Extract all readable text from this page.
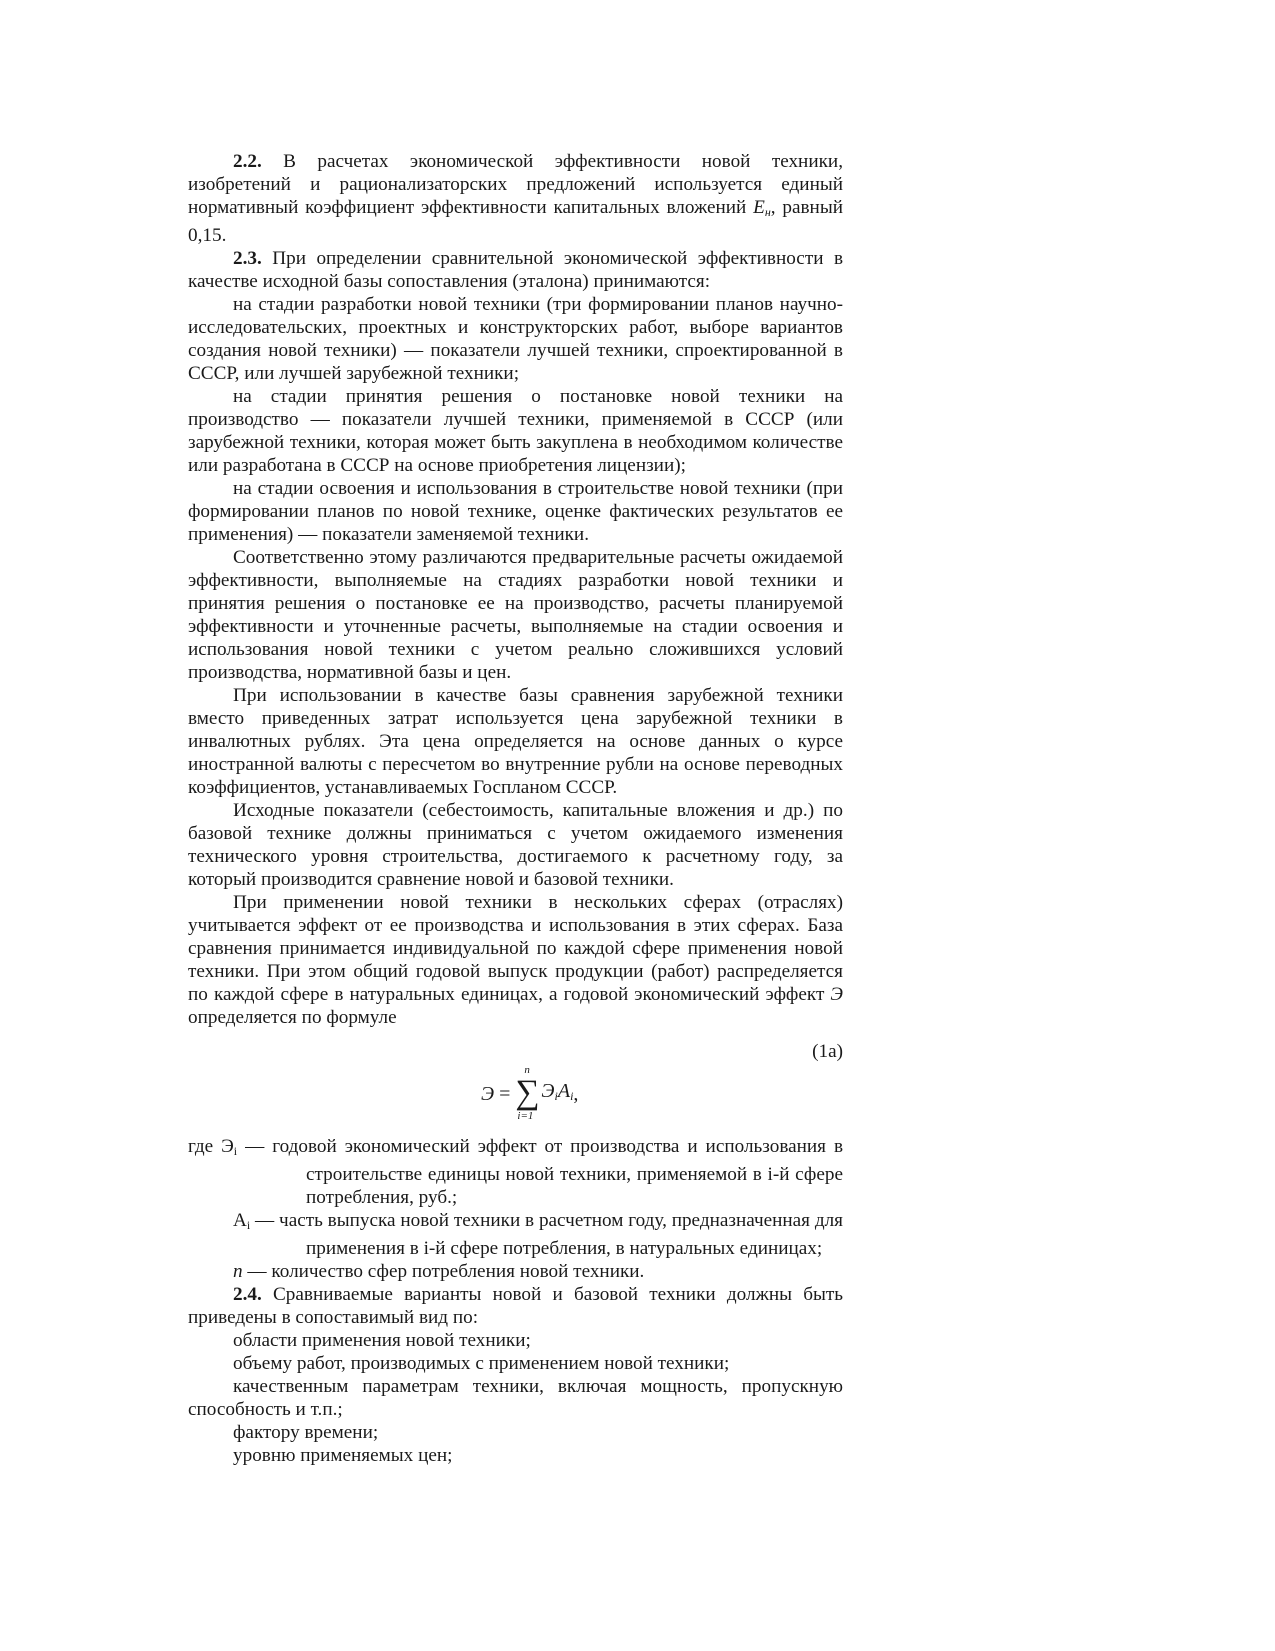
2.2. В расчетах экономической эффективности новой техники, изобретений и рационализаторских предложений используется единый нормативный коэффициент эффективности капитальных вложений $E_н$, равный 0,15.

2.3. При определении сравнительной экономической эффективности в качестве исходной базы сопоставления (эталона) принимаются:

на стадии разработки новой техники (три формировании планов научно-исследовательских, проектных и конструкторских работ, выборе вариантов создания новой техники) — показатели лучшей техники, спроектированной в СССР, или лучшей зарубежной техники;

на стадии принятия решения о постановке новой техники на производство — показатели лучшей техники, применяемой в СССР (или зарубежной техники, которая может быть закуплена в необходимом количестве или разработана в СССР на основе приобретения лицензии);

на стадии освоения и использования в строительстве новой техники (при формировании планов по новой технике, оценке фактических результатов ее применения) — показатели заменяемой техники.

Соответственно этому различаются предварительные расчеты ожидаемой эффективности, выполняемые на стадиях разработки новой техники и принятия решения о постановке ее на производство, расчеты планируемой эффективности и уточненные расчеты, выполняемые на стадии освоения и использования новой техники с учетом реально сложившихся условий производства, нормативной базы и цен.

При использовании в качестве базы сравнения зарубежной техники вместо приведенных затрат используется цена зарубежной техники в инвалютных рублях. Эта цена определяется на основе данных о курсе иностранной валюты с пересчетом во внутренние рубли на основе переводных коэффициентов, устанавливаемых Госпланом СССР.

Исходные показатели (себестоимость, капитальные вложения и др.) по базовой технике должны приниматься с учетом ожидаемого изменения технического уровня строительства, достигаемого к расчетному году, за который производится сравнение новой и базовой техники.

При применении новой техники в нескольких сферах (отраслях) учитывается эффект от ее производства и использования в этих сферах. База сравнения принимается индивидуальной по каждой сфере применения новой техники. При этом общий годовой выпуск продукции (работ) распределяется по каждой сфере в натуральных единицах, а годовой экономический эффект Э определяется по формуле

(1a)
Э =
n
∑
i=1
$Э_i$ $A_i$ ,

где $Э_i$ — годовой экономический эффект от производства и использования в строительстве единицы новой техники, применяемой в i-й сфере потребления, руб.;

$A_i$ — часть выпуска новой техники в расчетном году, предназначенная для применения в i-й сфере потребления, в натуральных единицах;

n — количество сфер потребления новой техники.

2.4. Сравниваемые варианты новой и базовой техники должны быть приведены в сопоставимый вид по:

области применения новой техники;

объему работ, производимых с применением новой техники;

качественным параметрам техники, включая мощность, пропускную способность и т.п.;

фактору времени;

уровню применяемых цен;
